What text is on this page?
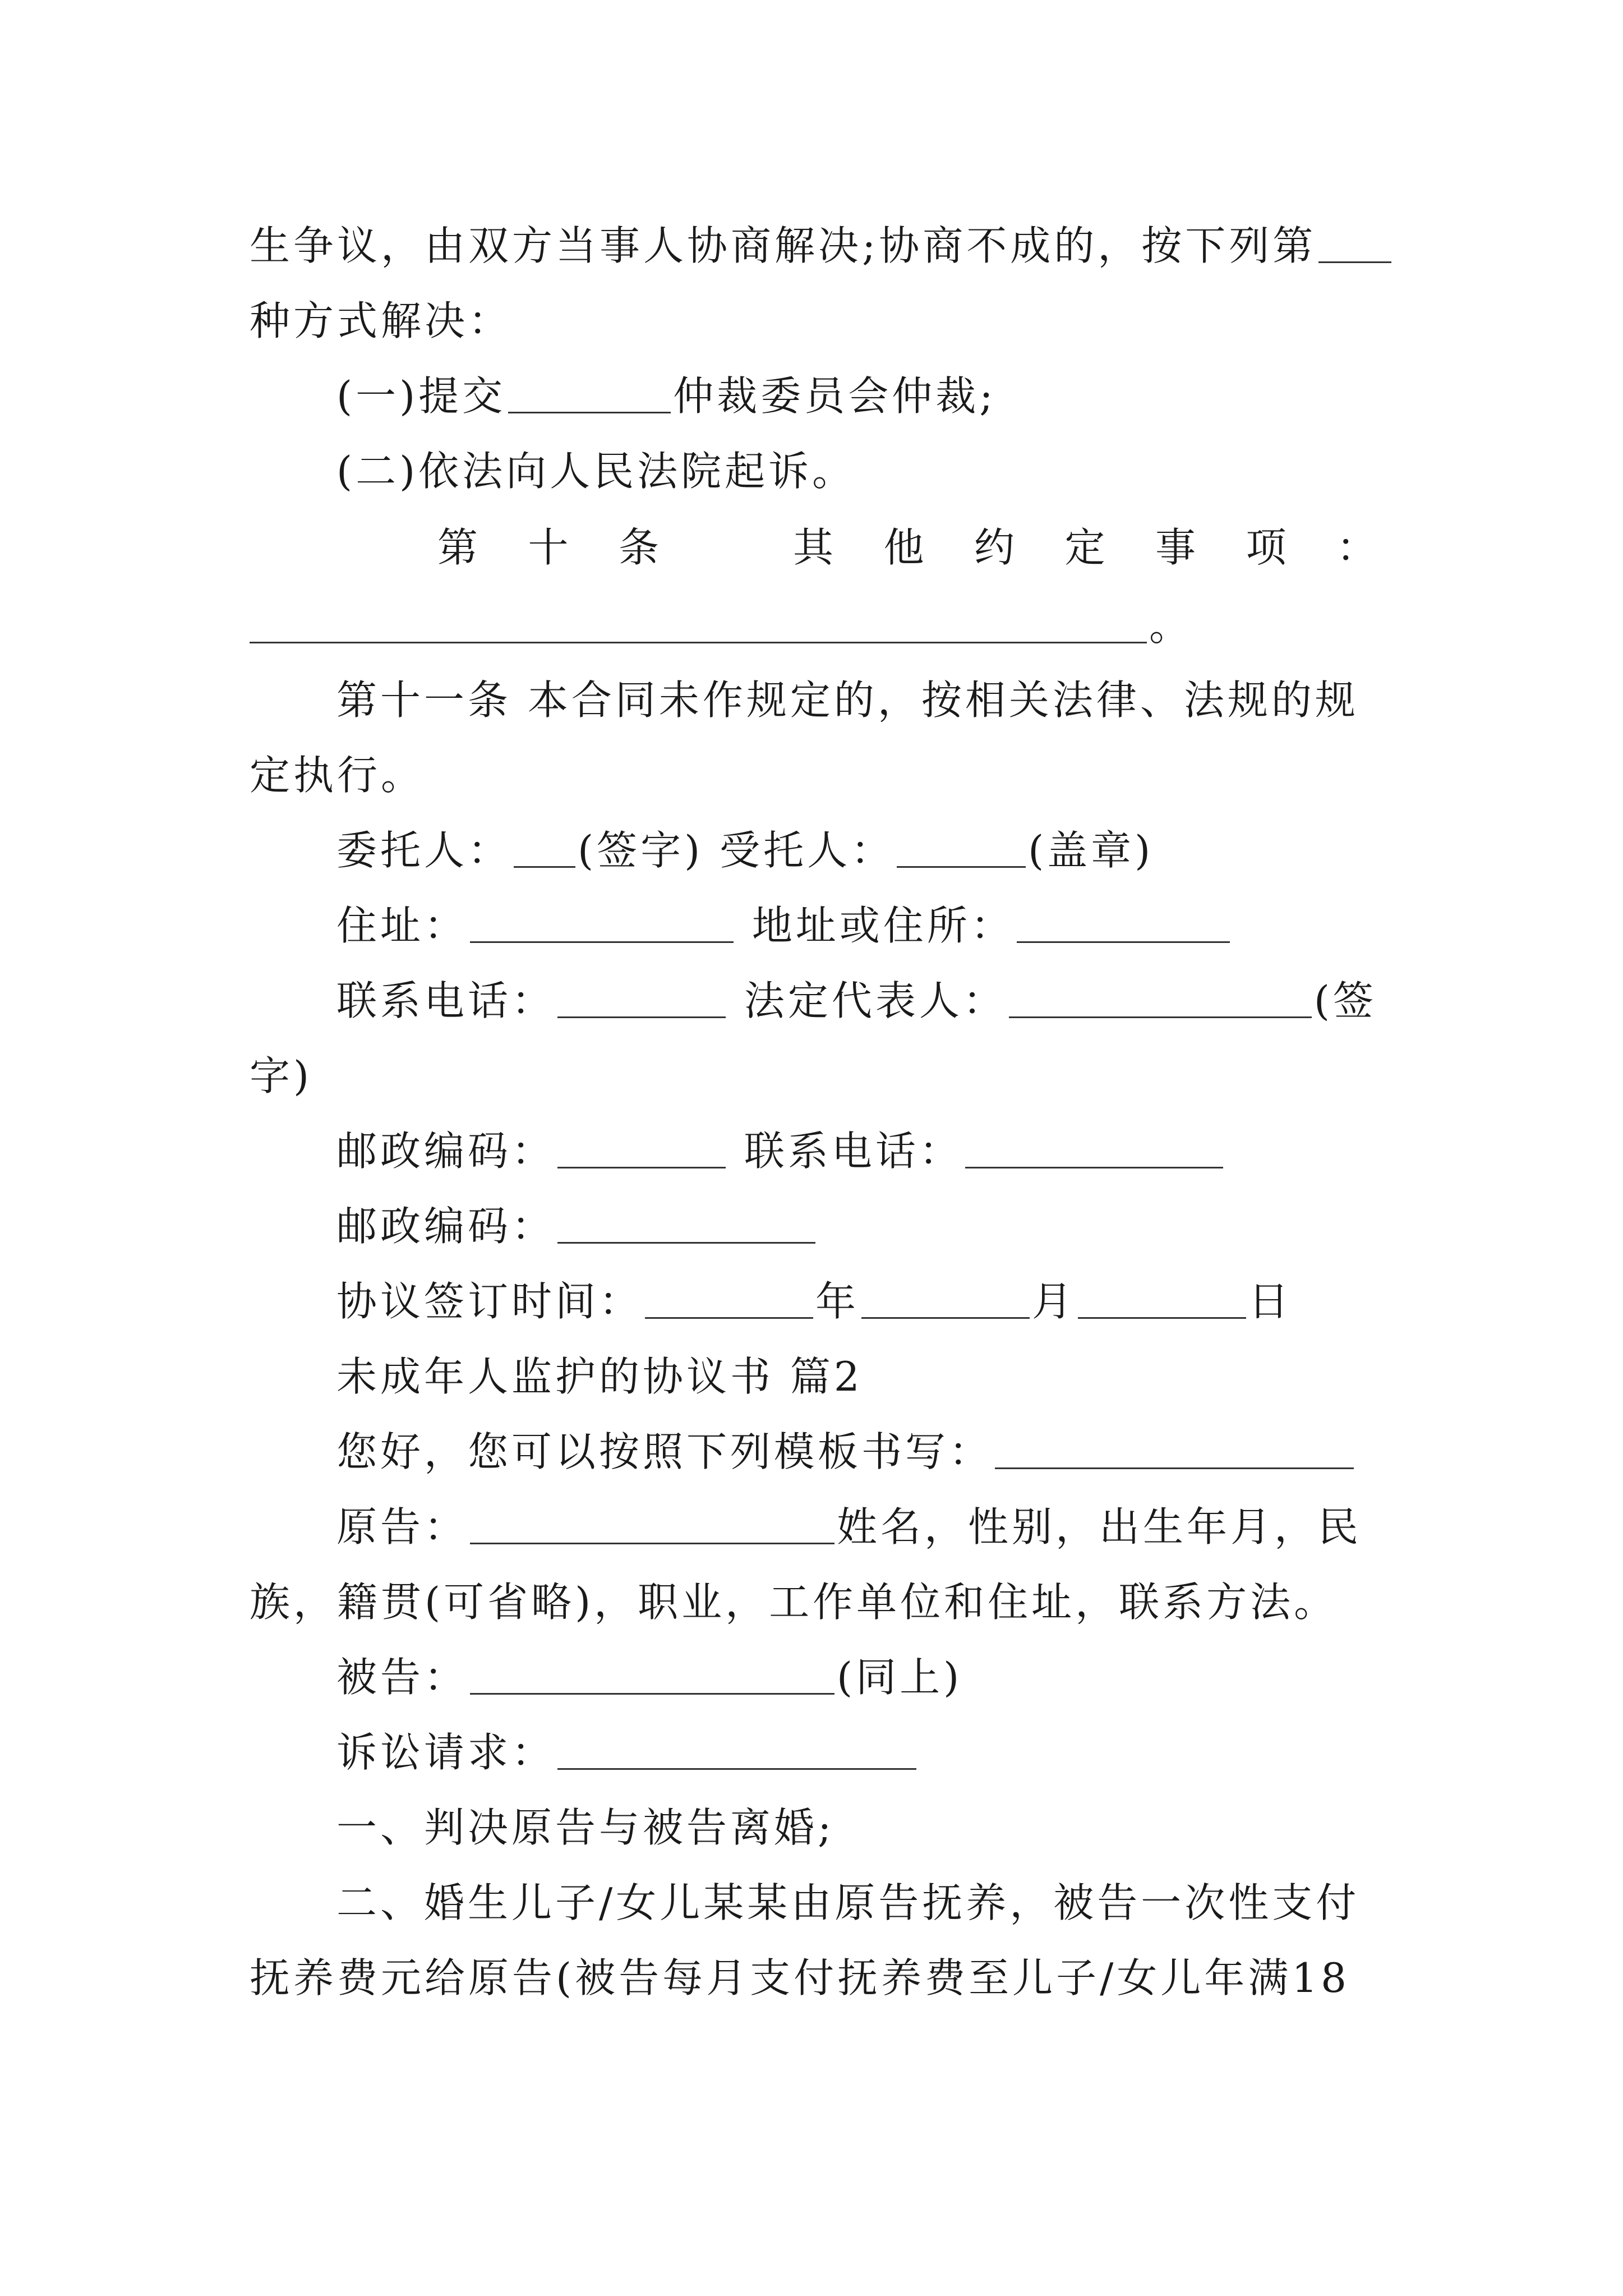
生争议，由双方当事人协商解决;协商不成的，按下列第
种方式解决：
(一)提交	仲裁委员会仲裁;
(二)依法向人民法院起诉。
第 十 条	其 他 约 定 事 项 ：
。
第十一条 本合同未作规定的，按相关法律、法规的规
定执行。
委托人： (签字) 受托人：	(盖章)
住址：	地址或住所：
联系电话：	法定代表人：	(签
字)
邮政编码：	联系电话：
邮政编码：
协议签订时间：	年	月	日
未成年人监护的协议书 篇2
您好，您可以按照下列模板书写：
原告：	姓名，性别，出生年月，民
族，籍贯(可省略)，职业，工作单位和住址，联系方法。
被告：	(同上)
诉讼请求：
一、判决原告与被告离婚;
二、婚生儿子/女儿某某由原告抚养，被告一次性支付
抚养费元给原告(被告每月支付抚养费至儿子/女儿年满18
